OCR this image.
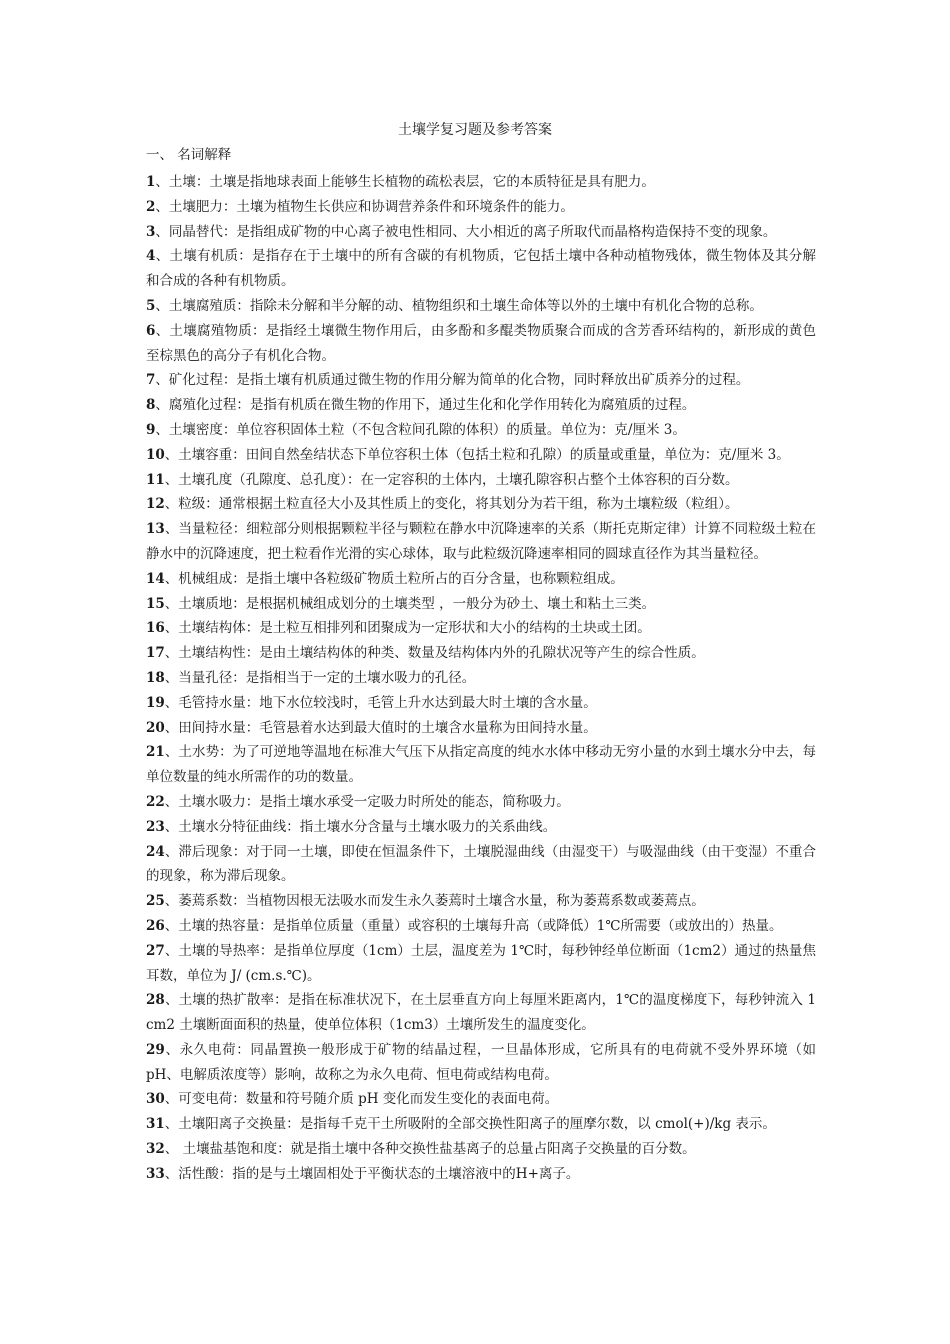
土壤学复习题及参考答案
一、 名词解释

1、土壤：土壤是指地球表面上能够生长植物的疏松表层，它的本质特征是具有肥力。

2、土壤肥力：土壤为植物生长供应和协调营养条件和环境条件的能力。

3、同晶替代：是指组成矿物的中心离子被电性相同、大小相近的离子所取代而晶格构造保持不变的现象。

4、土壤有机质：是指存在于土壤中的所有含碳的有机物质，它包括土壤中各种动植物残体，微生物体及其分解和合成的各种有机物质。

5、土壤腐殖质：指除未分解和半分解的动、植物组织和土壤生命体等以外的土壤中有机化合物的总称。

6、土壤腐殖物质：是指经土壤微生物作用后，由多酚和多醌类物质聚合而成的含芳香环结构的，新形成的黄色至棕黑色的高分子有机化合物。

7、矿化过程：是指土壤有机质通过微生物的作用分解为简单的化合物，同时释放出矿质养分的过程。

8、腐殖化过程：是指有机质在微生物的作用下，通过生化和化学作用转化为腐殖质的过程。

9、土壤密度：单位容积固体土粒（不包含粒间孔隙的体积）的质量。单位为：克/厘米 3。

10、土壤容重：田间自然垒结状态下单位容积土体（包括土粒和孔隙）的质量或重量，单位为：克/厘米 3。

11、土壤孔度（孔隙度、总孔度）：在一定容积的土体内，土壤孔隙容积占整个土体容积的百分数。

12、粒级：通常根据土粒直径大小及其性质上的变化，将其划分为若干组，称为土壤粒级（粒组）。

13、当量粒径：细粒部分则根据颗粒半径与颗粒在静水中沉降速率的关系（斯托克斯定律）计算不同粒级土粒在静水中的沉降速度，把土粒看作光滑的实心球体，取与此粒级沉降速率相同的圆球直径作为其当量粒径。

14、机械组成：是指土壤中各粒级矿物质土粒所占的百分含量，也称颗粒组成。

15、土壤质地：是根据机械组成划分的土壤类型 ，一般分为砂土、壤土和粘土三类。

16、土壤结构体：是土粒互相排列和团聚成为一定形状和大小的结构的土块或土团。

17、土壤结构性：是由土壤结构体的种类、数量及结构体内外的孔隙状况等产生的综合性质。

18、当量孔径：是指相当于一定的土壤水吸力的孔径。

19、毛管持水量：地下水位较浅时，毛管上升水达到最大时土壤的含水量。

20、田间持水量：毛管悬着水达到最大值时的土壤含水量称为田间持水量。

21、土水势：为了可逆地等温地在标准大气压下从指定高度的纯水水体中移动无穷小量的水到土壤水分中去，每单位数量的纯水所需作的功的数量。

22、土壤水吸力：是指土壤水承受一定吸力时所处的能态，简称吸力。

23、土壤水分特征曲线：指土壤水分含量与土壤水吸力的关系曲线。

24、滞后现象：对于同一土壤，即使在恒温条件下，土壤脱湿曲线（由湿变干）与吸湿曲线（由干变湿）不重合的现象，称为滞后现象。

25、萎蔫系数：当植物因根无法吸水而发生永久萎蔫时土壤含水量，称为萎蔫系数或萎蔫点。

26、土壤的热容量：是指单位质量（重量）或容积的土壤每升高（或降低）1℃所需要（或放出的）热量。

27、土壤的导热率：是指单位厚度（1cm）土层，温度差为 1℃时，每秒钟经单位断面（1cm2）通过的热量焦耳数，单位为 J/ (cm.s.℃)。

28、土壤的热扩散率：是指在标准状况下，在土层垂直方向上每厘米距离内，1℃的温度梯度下，每秒钟流入 1 cm2 土壤断面面积的热量，使单位体积（1cm3）土壤所发生的温度变化。

29、永久电荷：同晶置换一般形成于矿物的结晶过程，一旦晶体形成，它所具有的电荷就不受外界环境（如pH、电解质浓度等）影响，故称之为永久电荷、恒电荷或结构电荷。

30、可变电荷：数量和符号随介质 pH 变化而发生变化的表面电荷。

31、土壤阳离子交换量：是指每千克干土所吸附的全部交换性阳离子的厘摩尔数，以 cmol(+)/kg 表示。

32、 土壤盐基饱和度：就是指土壤中各种交换性盐基离子的总量占阳离子交换量的百分数。

33、活性酸：指的是与土壤固相处于平衡状态的土壤溶液中的H+离子。
